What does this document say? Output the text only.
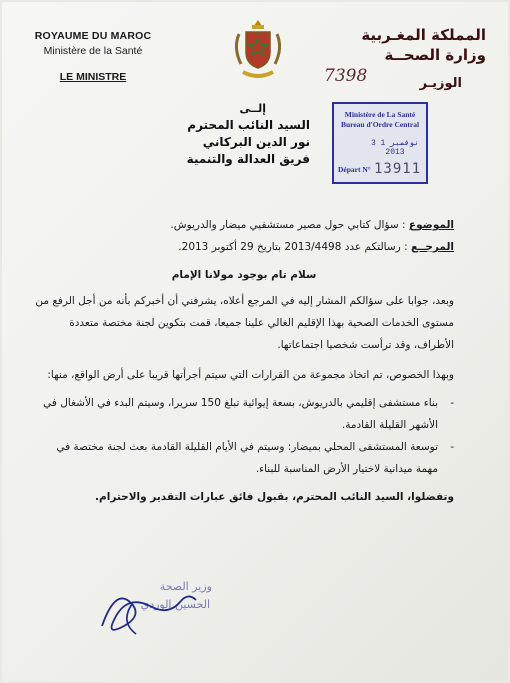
ROYAUME DU MAROC
Ministère de la Santé
LE MINISTRE
المملكة المغـربية
وزارة الصحــة
الوزيـر
7398
Ministère de La Santé
Bureau d'Ordre Central
3 1 نوفمبر 2013
Départ N° 13911
إلــى
السيد النائب المحترم
نور الدين البركاني
فريق العدالة والتنمية
الموضوع : سؤال كتابي حول مصير مستشفيي ميضار والدريوش.
المرجــع : رسالتكم عدد 2013/4498 بتاريخ 29 أكتوبر 2013.
سلام تام بوجود مولانا الإمام
وبعد، جوابا على سؤالكم المشار إليه في المرجع أعلاه، يشرفني أن أخبركم بأنه من أجل الرفع من مستوى الخدمات الصحية بهذا الإقليم الغالي علينا جميعا، قمت بتكوين لجنة مختصة متعددة الأطراف، وقد ترأست شخصيا اجتماعاتها.
وبهذا الخصوص، تم اتخاذ مجموعة من القرارات التي سيتم أجرأتها قريبا على أرض الواقع، منها:
-
بناء مستشفى إقليمي بالدريوش، بسعة إيوائية تبلغ 150 سريرا، وسيتم البدء في الأشغال في الأشهر القليلة القادمة.
-
توسعة المستشفى المحلي بميضار: وسيتم في الأيام القليلة القادمة بعث لجنة مختصة في مهمة ميدانية لاختيار الأرض المناسبة للبناء.
وتفضلوا، السيد النائب المحترم، بقبول فائق عبارات التقدير والاحترام.
وزير الصحة
الحسين الوردي
